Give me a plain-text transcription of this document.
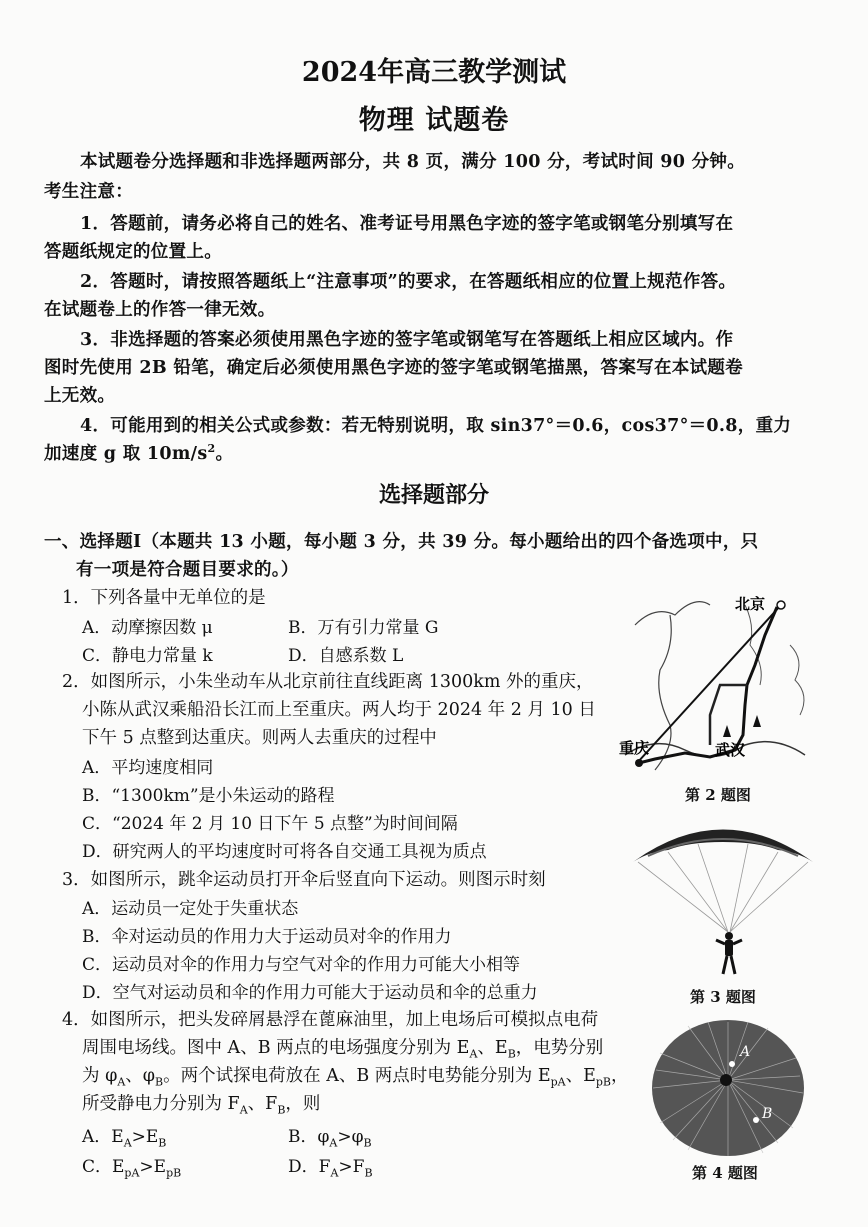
2024年高三教学测试
物理 试题卷
本试题卷分选择题和非选择题两部分，共 8 页，满分 100 分，考试时间 90 分钟。
考生注意：
1．答题前，请务必将自己的姓名、准考证号用黑色字迹的签字笔或钢笔分别填写在
答题纸规定的位置上。
2．答题时，请按照答题纸上“注意事项”的要求，在答题纸相应的位置上规范作答。
在试题卷上的作答一律无效。
3．非选择题的答案必须使用黑色字迹的签字笔或钢笔写在答题纸上相应区域内。作
图时先使用 2B 铅笔，确定后必须使用黑色字迹的签字笔或钢笔描黑，答案写在本试题卷
上无效。
4．可能用到的相关公式或参数：若无特别说明，取 sin37°＝0.6，cos37°＝0.8，重力
加速度 g 取 $10m/s^2$。
选择题部分
一、选择题Ⅰ（本题共 13 小题，每小题 3 分，共 39 分。每小题给出的四个备选项中，只
有一项是符合题目要求的。）
1．下列各量中无单位的是
A．动摩擦因数 μ	B．万有引力常量 G
C．静电力常量 k	D．自感系数 L
2．如图所示，小朱坐动车从北京前往直线距离 1300km 外的重庆，
小陈从武汉乘船沿长江而上至重庆。两人均于 2024 年 2 月 10 日
下午 5 点整到达重庆。则两人去重庆的过程中
A．平均速度相同
B．“1300km”是小朱运动的路程
C．“2024 年 2 月 10 日下午 5 点整”为时间间隔
D．研究两人的平均速度时可将各自交通工具视为质点
3．如图所示，跳伞运动员打开伞后竖直向下运动。则图示时刻
A．运动员一定处于失重状态
B．伞对运动员的作用力大于运动员对伞的作用力
C．运动员对伞的作用力与空气对伞的作用力可能大小相等
D．空气对运动员和伞的作用力可能大于运动员和伞的总重力
4．如图所示，把头发碎屑悬浮在蓖麻油里，加上电场后可模拟点电荷
周围电场线。图中 A、B 两点的电场强度分别为 $E_A$、$E_B$，电势分别
为 $\varphi_A$、$\varphi_B$。两个试探电荷放在 A、B 两点时电势能分别为 $E_{pA}$、$E_{pB}$，
所受静电力分别为 $F_A$、$F_B$，则
A．$E_A>E_B$	B．$\varphi_A>\varphi_B$
C．$E_{pA}>E_{pB}$	D．$F_A>F_B$
北京
重庆	武汉
第 2 题图
第 3 题图
A
B
第 4 题图
